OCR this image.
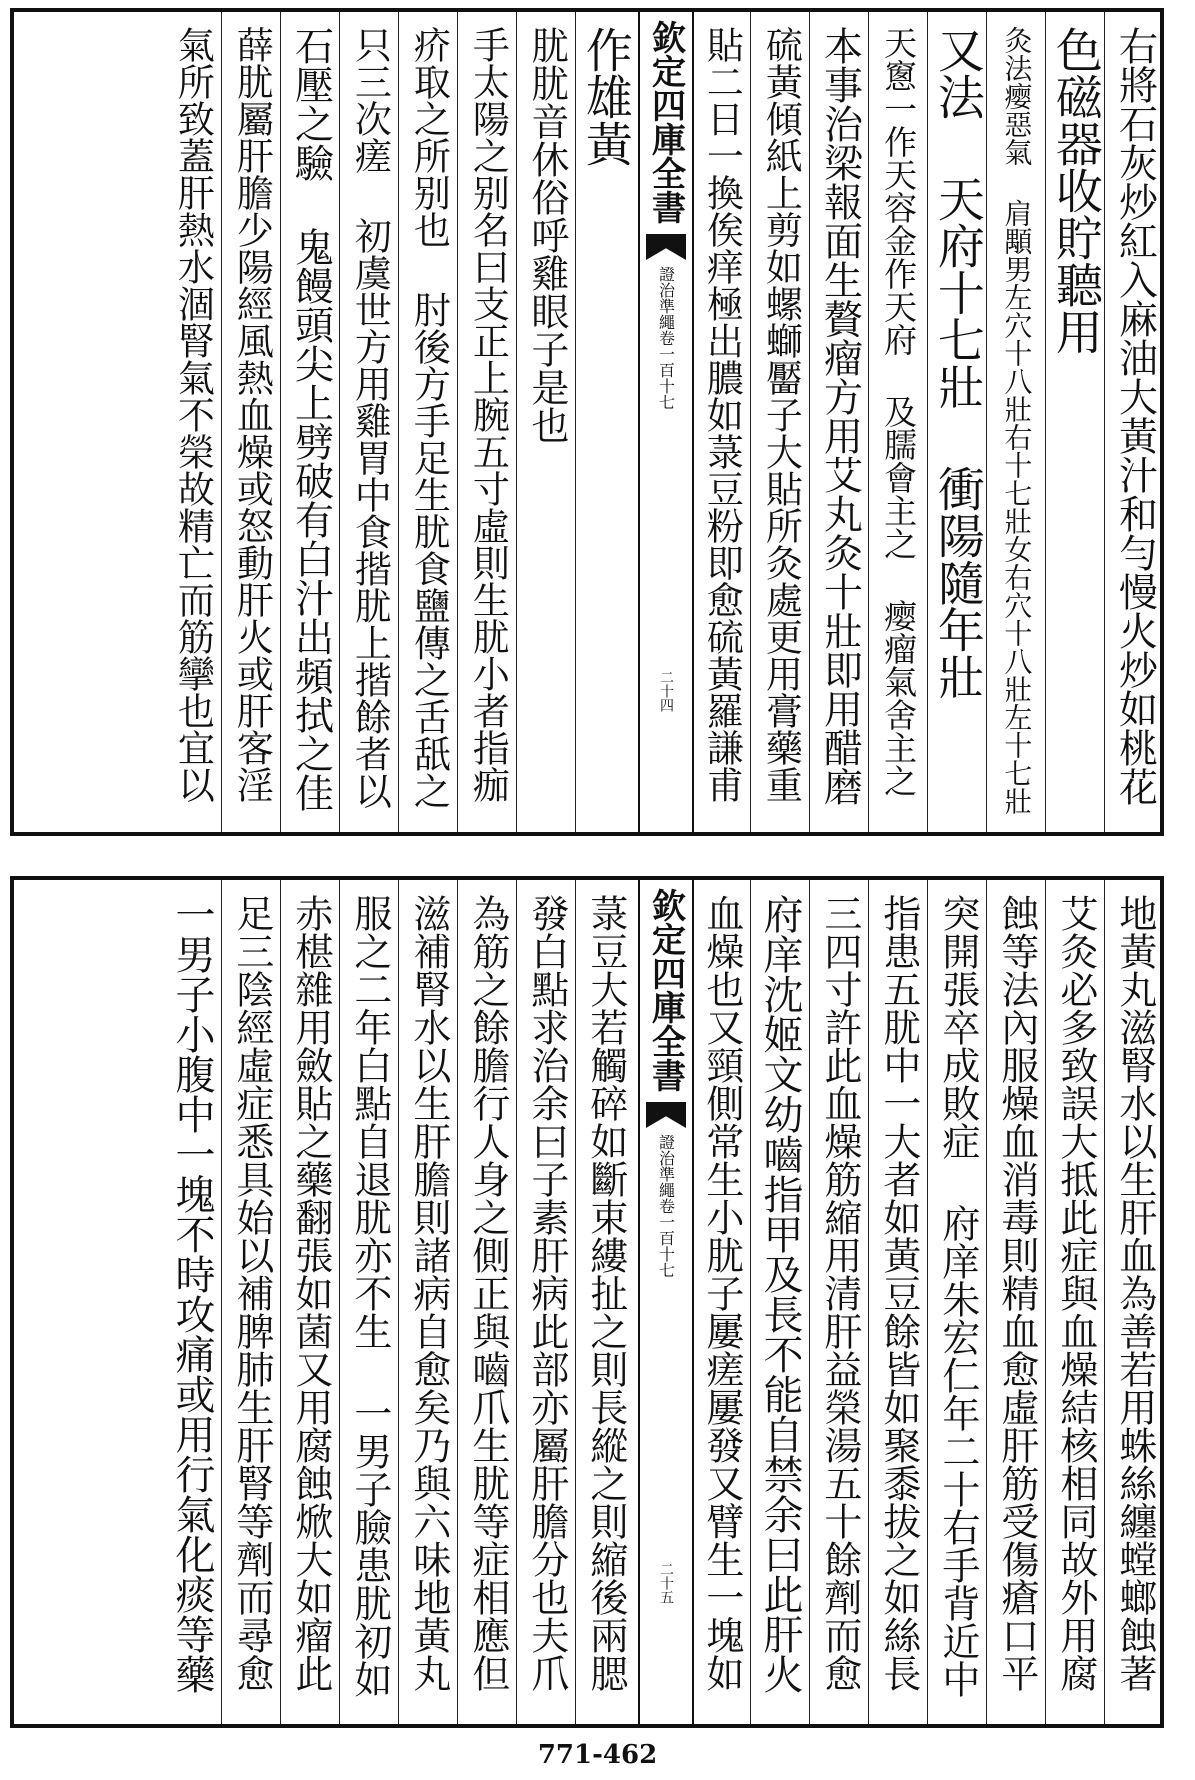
右將石灰炒紅入麻油大黃汁和勻慢火炒如桃花
色磁器收貯聽用
灸法瘿惡氣 肩顒男左穴十八壯右十七壯女右穴十八壯左十七壯
又法 天府十七壯 衝陽隨年壯
天窻一作天容金作天府 及臑會主之 瘿瘤氣舍主之
本事治梁報面生贅瘤方用艾丸灸十壯即用醋磨
硫黃傾紙上剪如螺螄靨子大貼所灸處更用膏藥重
貼二日一換俟痒極出膿如菉豆粉即愈硫黃羅謙甫
欽定四庫全書
證治準繩
卷一百十七
二十四
作雄黃
肬肬音休俗呼雞眼子是也
手太陽之别名曰支正上腕五寸虛則生肬小者指痂
疥取之所别也 肘後方手足生肬食鹽傳之舌舐之
只三次瘥 初虞世方用雞胃中食揩肬上揩餘者以
石壓之驗 鬼饅頭尖上劈破有白汁出頻拭之佳
薛肬屬肝膽少陽經風熱血燥或怒動肝火或肝客淫
氣所致蓋肝熱水涸腎氣不榮故精亡而筋攣也宜以
地黃丸滋腎水以生肝血為善若用蛛絲纏螳螂蝕著
艾灸必多致誤大抵此症與血燥結核相同故外用腐
蝕等法內服燥血消毒則精血愈虛肝筋受傷瘡口平
突開張卒成敗症 府庠朱宏仁年二十右手背近中
指患五肬中一大者如黃豆餘皆如聚黍拔之如絲長
三四寸許此血燥筋縮用清肝益榮湯五十餘劑而愈
府庠沈姬文幼嚙指甲及長不能自禁余曰此肝火
血燥也又頸側常生小肬子屢瘥屢發又臂生一塊如
欽定四庫全書
證治準繩
卷一百十七
二十五
菉豆大若觸碎如斷束縷扯之則長縱之則縮後兩腮
發白點求治余曰子素肝病此部亦屬肝膽分也夫爪
為筋之餘膽行人身之側正與嚙爪生肬等症相應但
滋補腎水以生肝膽則諸病自愈矣乃與六味地黃丸
服之二年白點自退肬亦不生 一男子臉患肬初如
赤椹雜用斂貼之藥翻張如菌又用腐蝕焮大如瘤此
足三陰經虛症悉具始以補脾肺生肝腎等劑而尋愈
一男子小腹中一塊不時攻痛或用行氣化痰等藥
771-462
